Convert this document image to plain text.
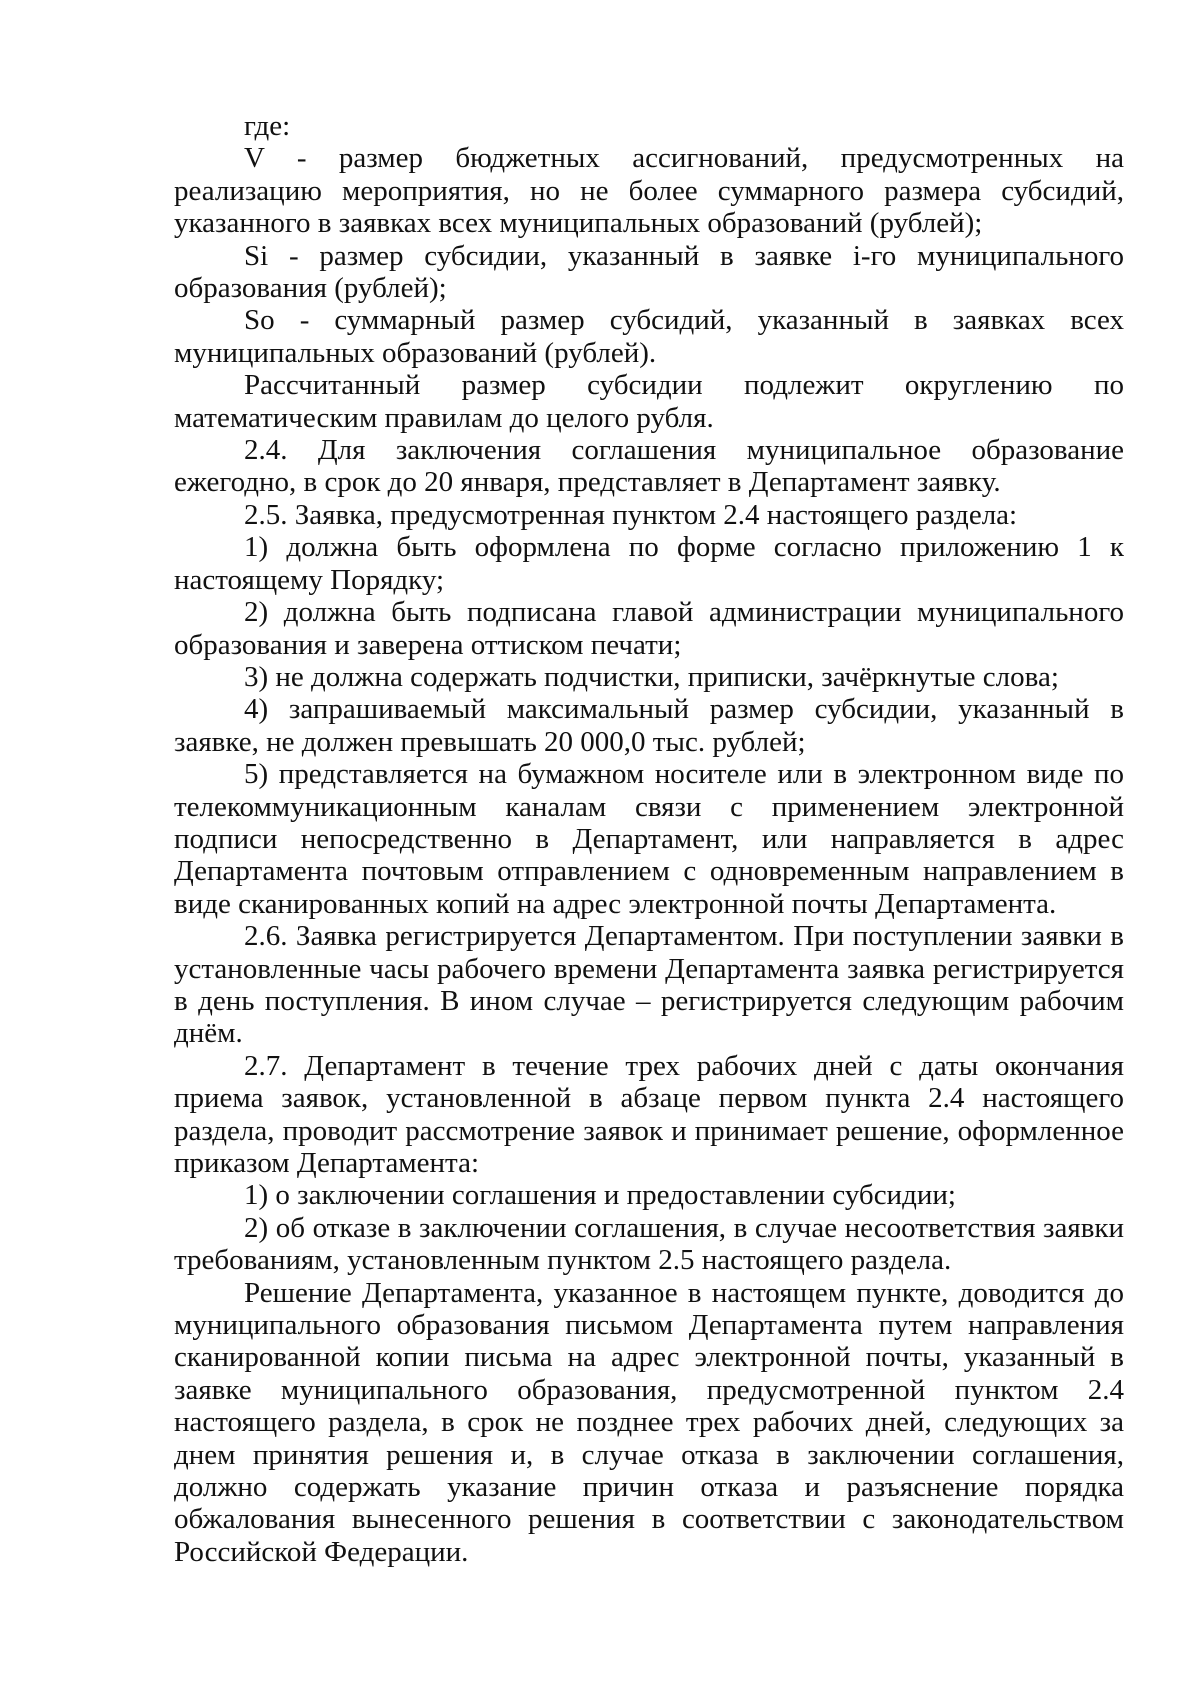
где:

V - размер бюджетных ассигнований, предусмотренных на реализацию мероприятия, но не более суммарного размера субсидий, указанного в заявках всех муниципальных образований (рублей);

Si - размер субсидии, указанный в заявке i-го муниципального образования (рублей);

So - суммарный размер субсидий, указанный в заявках всех муниципальных образований (рублей).

Рассчитанный размер субсидии подлежит округлению по математическим правилам до целого рубля.

2.4. Для заключения соглашения муниципальное образование ежегодно, в срок до 20 января, представляет в Департамент заявку.

2.5. Заявка, предусмотренная пунктом 2.4 настоящего раздела:

1) должна быть оформлена по форме согласно приложению 1 к настоящему Порядку;

2) должна быть подписана главой администрации муниципального образования и заверена оттиском печати;

3) не должна содержать подчистки, приписки, зачёркнутые слова;

4) запрашиваемый максимальный размер субсидии, указанный в заявке, не должен превышать 20 000,0 тыс. рублей;

5) представляется на бумажном носителе или в электронном виде по телекоммуникационным каналам связи с применением электронной подписи непосредственно в Департамент, или направляется в адрес Департамента почтовым отправлением с одновременным направлением в виде сканированных копий на адрес электронной почты Департамента.

2.6. Заявка регистрируется Департаментом. При поступлении заявки в установленные часы рабочего времени Департамента заявка регистрируется в день поступления. В ином случае – регистрируется следующим рабочим днём.

2.7. Департамент в течение трех рабочих дней с даты окончания приема заявок, установленной в абзаце первом пункта 2.4 настоящего раздела, проводит рассмотрение заявок и принимает решение, оформленное приказом Департамента:

1) о заключении соглашения и предоставлении субсидии;

2) об отказе в заключении соглашения, в случае несоответствия заявки требованиям, установленным пунктом 2.5 настоящего раздела.

Решение Департамента, указанное в настоящем пункте, доводится до муниципального образования письмом Департамента путем направления сканированной копии письма на адрес электронной почты, указанный в заявке муниципального образования, предусмотренной пунктом 2.4 настоящего раздела, в срок не позднее трех рабочих дней, следующих за днем принятия решения и, в случае отказа в заключении соглашения, должно содержать указание причин отказа и разъяснение порядка обжалования вынесенного решения в соответствии с законодательством Российской Федерации.
